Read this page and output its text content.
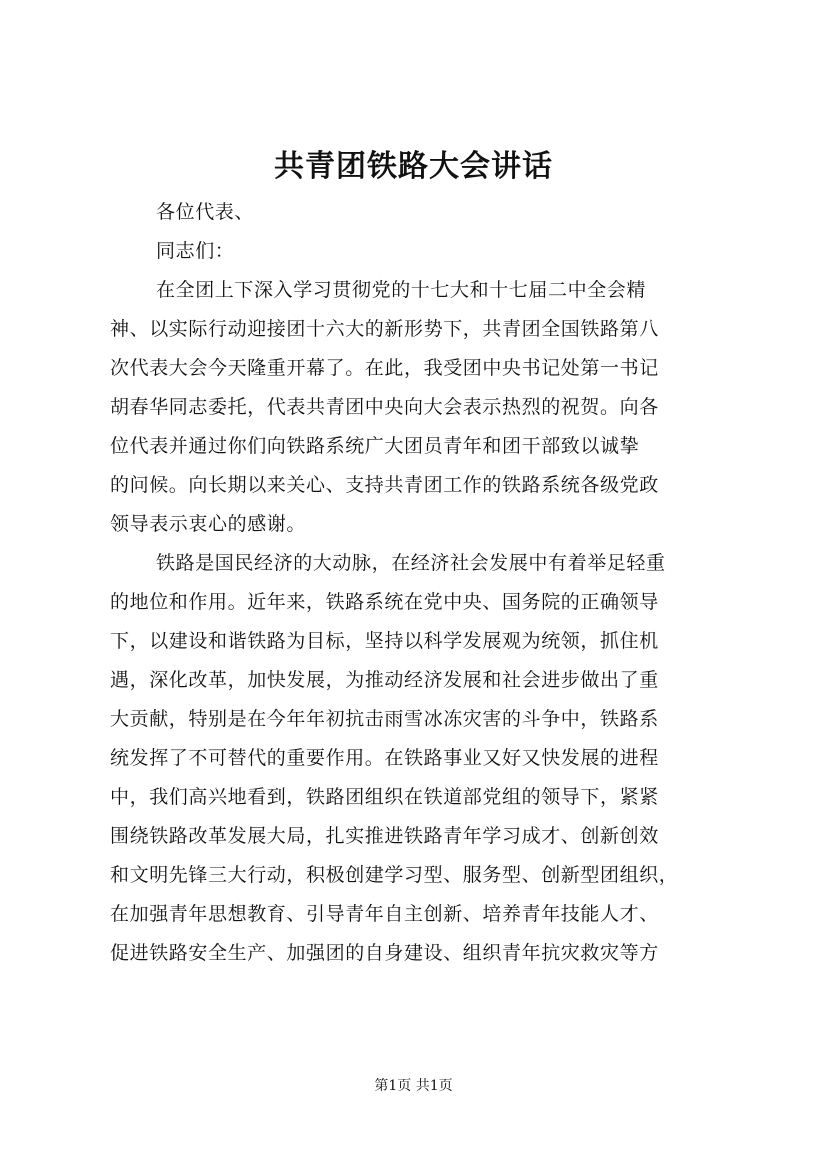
共青团铁路大会讲话

各位代表、

同志们：

在全团上下深入学习贯彻党的十七大和十七届二中全会精

神、以实际行动迎接团十六大的新形势下，共青团全国铁路第八

次代表大会今天隆重开幕了。在此，我受团中央书记处第一书记

胡春华同志委托，代表共青团中央向大会表示热烈的祝贺。向各

位代表并通过你们向铁路系统广大团员青年和团干部致以诚挚

的问候。向长期以来关心、支持共青团工作的铁路系统各级党政

领导表示衷心的感谢。

铁路是国民经济的大动脉，在经济社会发展中有着举足轻重

的地位和作用。近年来，铁路系统在党中央、国务院的正确领导

下，以建设和谐铁路为目标，坚持以科学发展观为统领，抓住机

遇，深化改革，加快发展，为推动经济发展和社会进步做出了重

大贡献，特别是在今年年初抗击雨雪冰冻灾害的斗争中，铁路系

统发挥了不可替代的重要作用。在铁路事业又好又快发展的进程

中，我们高兴地看到，铁路团组织在铁道部党组的领导下，紧紧

围绕铁路改革发展大局，扎实推进铁路青年学习成才、创新创效

和文明先锋三大行动，积极创建学习型、服务型、创新型团组织，

在加强青年思想教育、引导青年自主创新、培养青年技能人才、

促进铁路安全生产、加强团的自身建设、组织青年抗灾救灾等方

第1页 共1页
